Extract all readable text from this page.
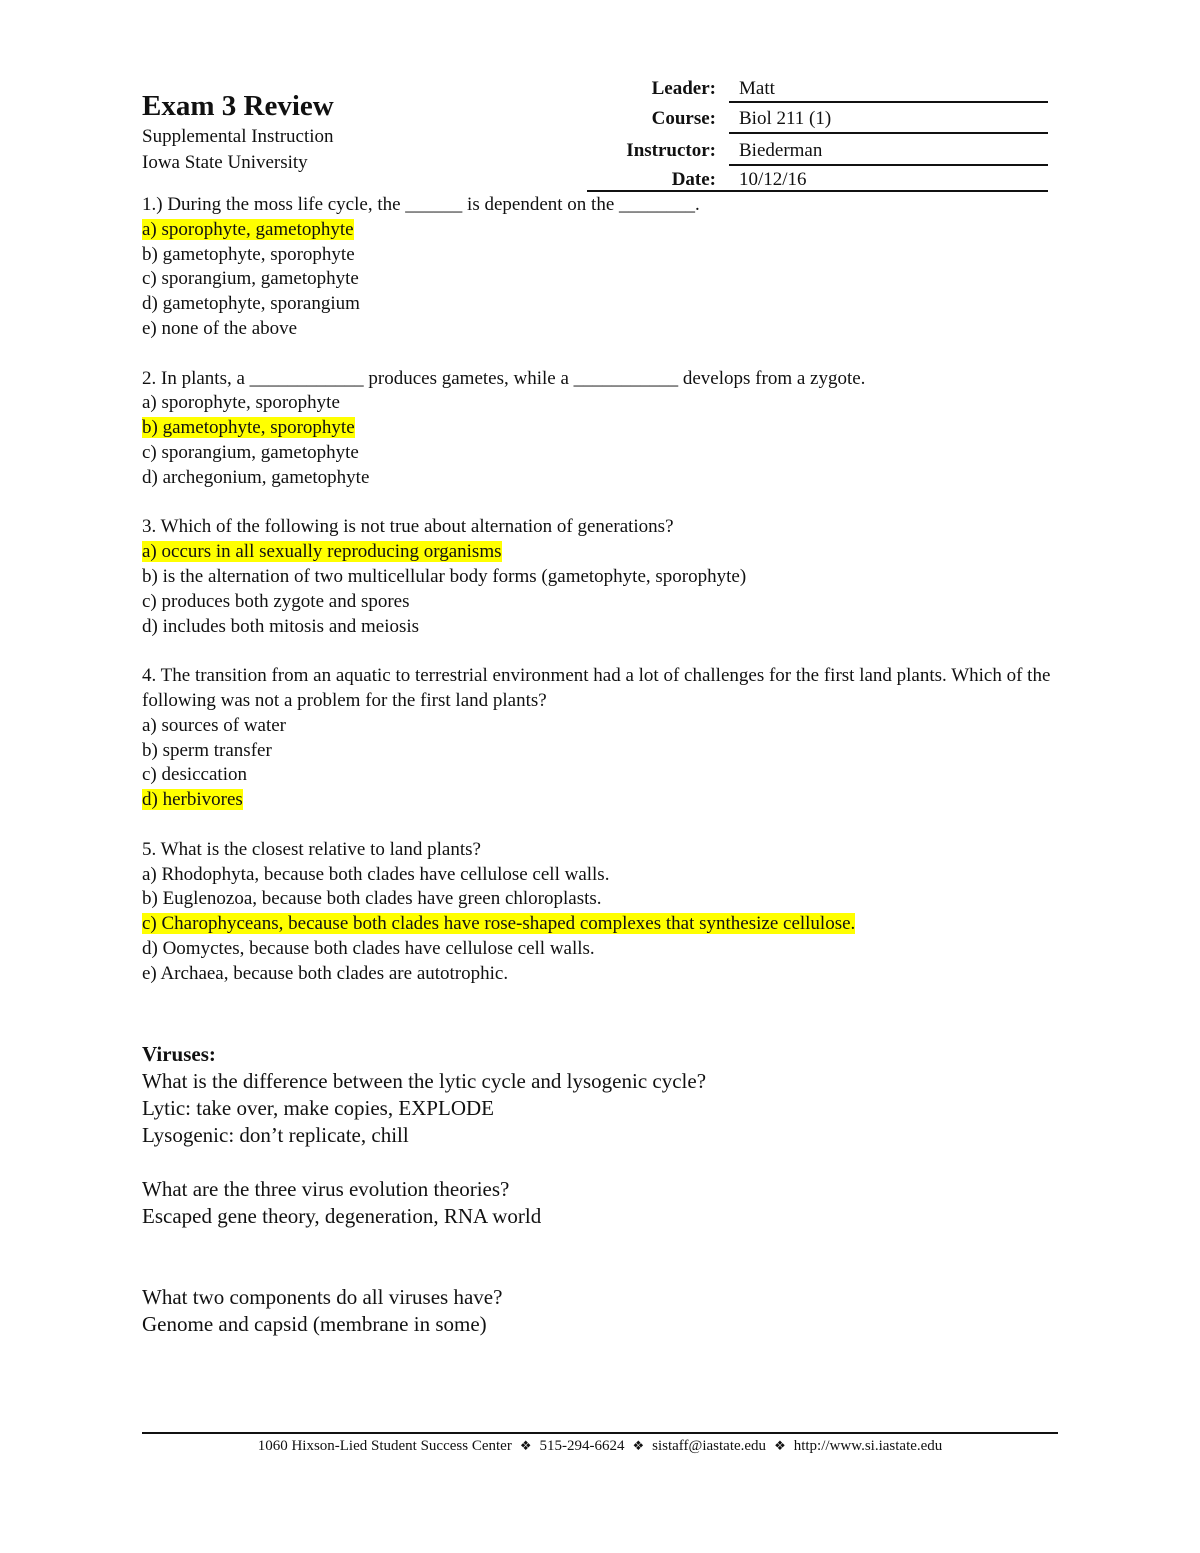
Exam 3 Review
Supplemental Instruction
Iowa State University
Leader: Matt
Course: Biol 211 (1)
Instructor: Biederman
Date: 10/12/16
1.) During the moss life cycle, the ______ is dependent on the ________.
a) sporophyte, gametophyte
b) gametophyte, sporophyte
c) sporangium, gametophyte
d) gametophyte, sporangium
e) none of the above
2. In plants, a ____________ produces gametes, while a ___________ develops from a zygote.
a) sporophyte, sporophyte
b) gametophyte, sporophyte
c) sporangium, gametophyte
d) archegonium, gametophyte
3. Which of the following is not true about alternation of generations?
a) occurs in all sexually reproducing organisms
b) is the alternation of two multicellular body forms (gametophyte, sporophyte)
c) produces both zygote and spores
d) includes both mitosis and meiosis
4. The transition from an aquatic to terrestrial environment had a lot of challenges for the first land plants. Which of the following was not a problem for the first land plants?
a) sources of water
b) sperm transfer
c) desiccation
d) herbivores
5. What is the closest relative to land plants?
a) Rhodophyta, because both clades have cellulose cell walls.
b) Euglenozoa, because both clades have green chloroplasts.
c) Charophyceans, because both clades have rose-shaped complexes that synthesize cellulose.
d) Oomyctes, because both clades have cellulose cell walls.
e) Archaea, because both clades are autotrophic.
Viruses:
What is the difference between the lytic cycle and lysogenic cycle?
Lytic: take over, make copies, EXPLODE
Lysogenic: don’t replicate, chill
What are the three virus evolution theories?
Escaped gene theory, degeneration, RNA world
What two components do all viruses have?
Genome and capsid (membrane in some)
1060 Hixson-Lied Student Success Center ❖ 515-294-6624 ❖ sistaff@iastate.edu ❖ http://www.si.iastate.edu
